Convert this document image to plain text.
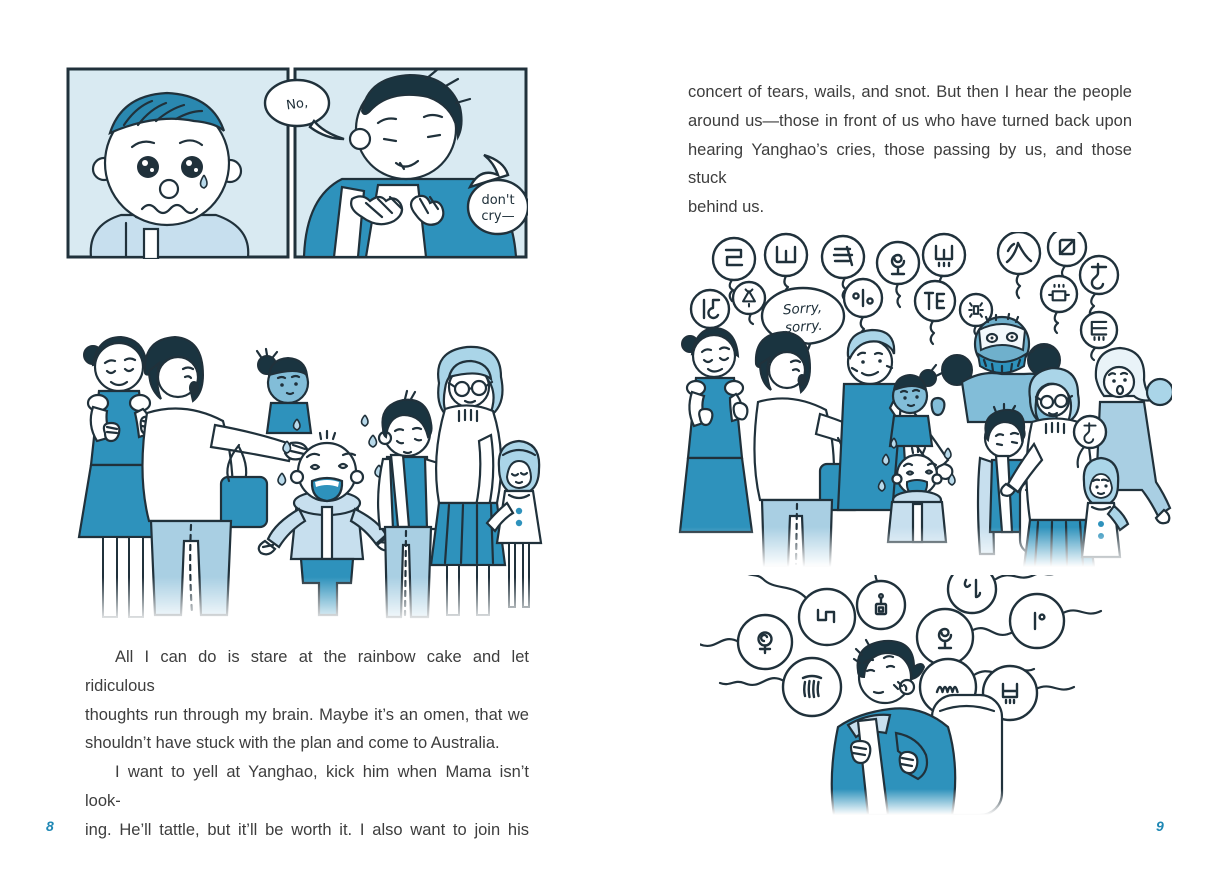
No,
don't
cry—
All I can do is stare at the rainbow cake and let ridiculous
thoughts run through my brain. Maybe it’s an omen, that we
shouldn’t have stuck with the plan and come to Australia.
I want to yell at Yanghao, kick him when Mama isn’t look-
ing. He’ll tattle, but it’ll be worth it. I also want to join his
8
concert of tears, wails, and snot. But then I hear the people
around us—those in front of us who have turned back upon
hearing Yanghao’s cries, those passing by us, and those stuck
behind us.
Sorry,
sorry.
9
